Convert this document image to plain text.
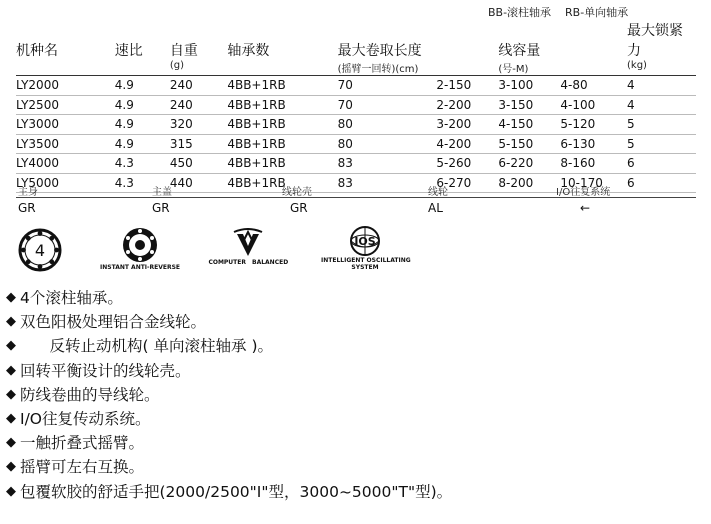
BB-滚柱轴承 RB-单向轴承
机种名	速比	自重	轴承数	最大卷取长度		线容量		最大锁紧力
		(g)		(摇臂一回转)(cm)		(号-M)		(kg)

LY2000	4.9	240	4BB+1RB	70	2-150	3-100	4-80	4
LY2500	4.9	240	4BB+1RB	70	2-200	3-150	4-100	4
LY3000	4.9	320	4BB+1RB	80	3-200	4-150	5-120	5
LY3500	4.9	315	4BB+1RB	80	4-200	5-150	6-130	5
LY4000	4.3	450	4BB+1RB	83	5-260	6-220	8-160	6
LY5000	4.3	440	4BB+1RB	83	6-270	8-200	10-170	6
主身	主盖	线轮壳	线轮	I/O往复系统
GR	GR	GR	AL	←
4
INSTANT ANTI-REVERSE
COMPUTER BALANCED
IOS
INTELLIGENT OSCILLATING
SYSTEM
◆ 4个滚柱轴承。
◆ 双色阳极处理铝合金线轮。
◆ 反转止动机构( 单向滚柱轴承 )。
◆ 回转平衡设计的线轮壳。
◆ 防线卷曲的导线轮。
◆ I/O往复传动系统。
◆ 一触折叠式摇臂。
◆ 摇臂可左右互换。
◆ 包覆软胶的舒适手把(2000/2500"I"型，3000~5000"T"型)。
